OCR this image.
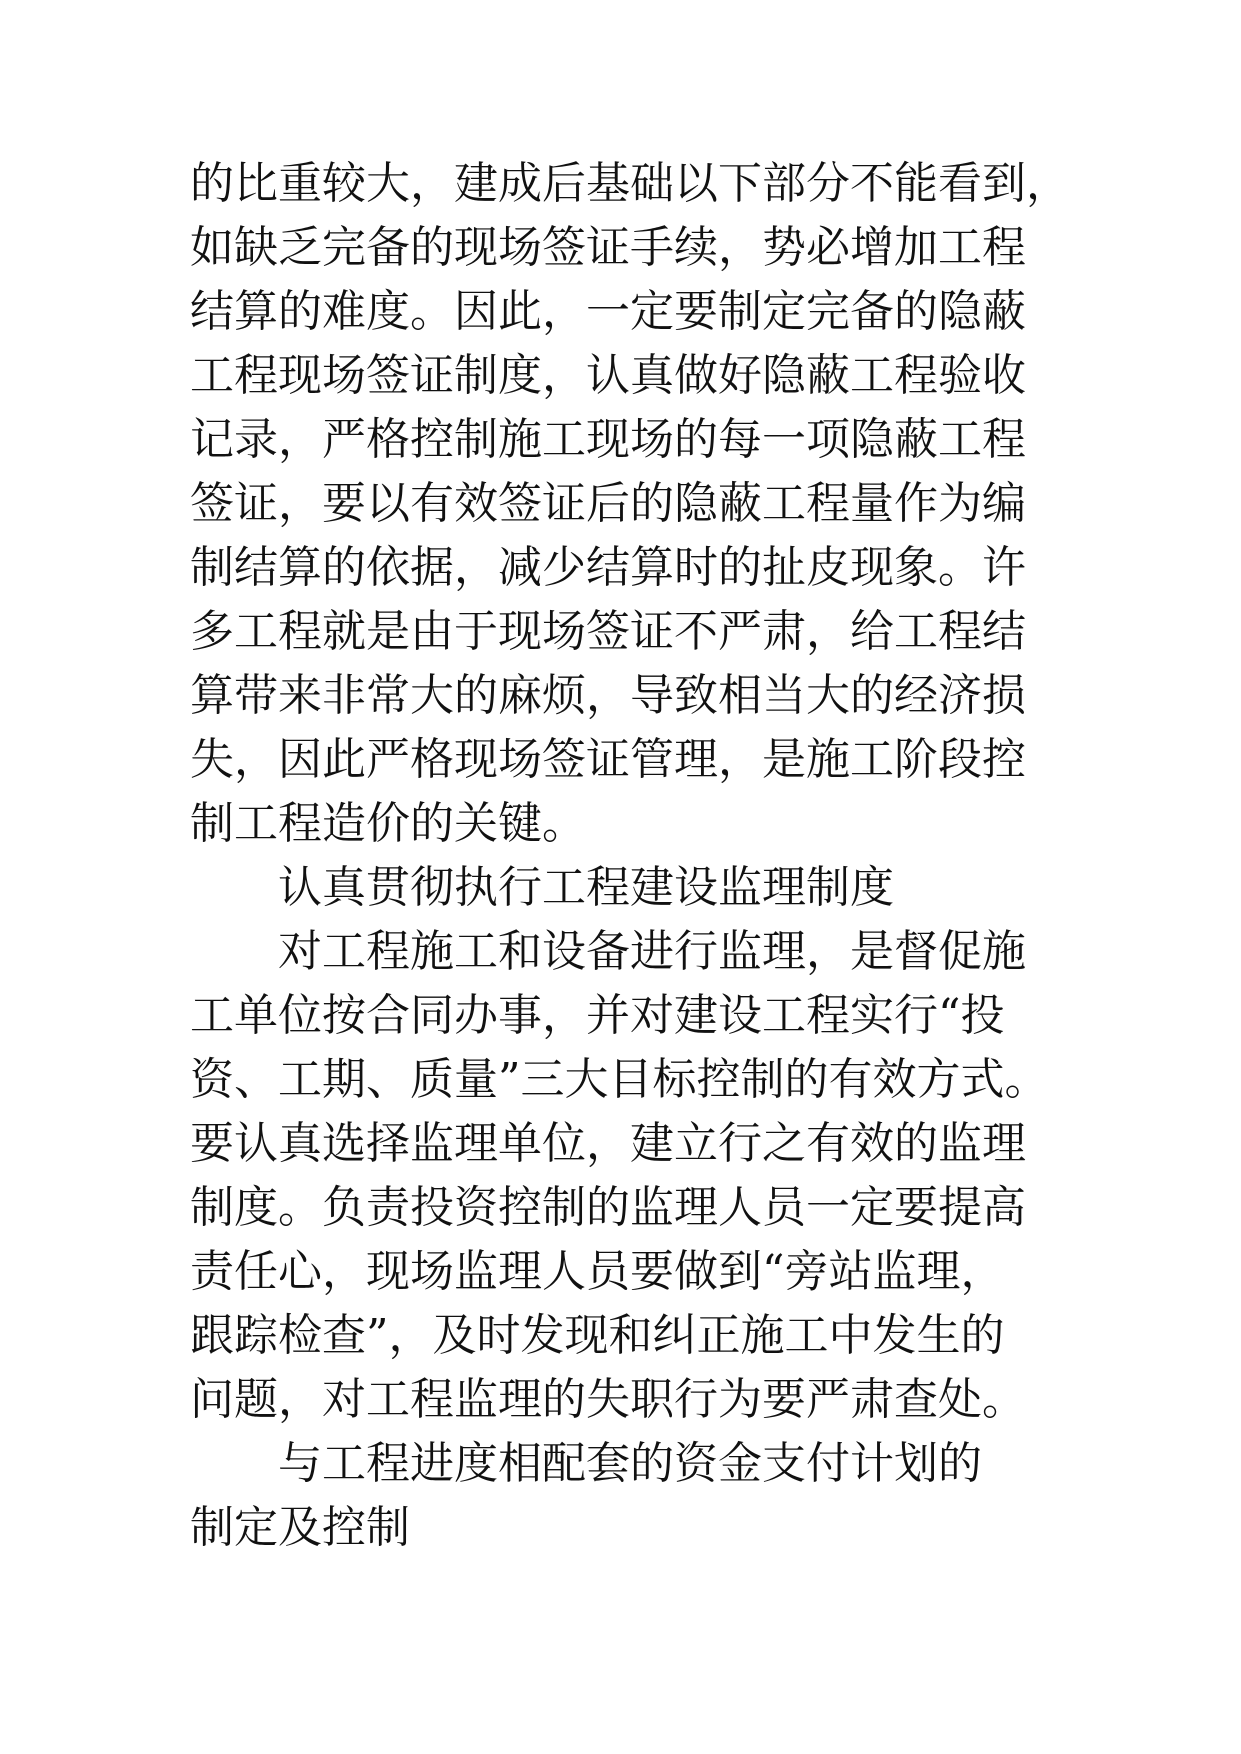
的比重较大，建成后基础以下部分不能看到，
如缺乏完备的现场签证手续，势必增加工程
结算的难度。因此，一定要制定完备的隐蔽
工程现场签证制度，认真做好隐蔽工程验收
记录，严格控制施工现场的每一项隐蔽工程
签证，要以有效签证后的隐蔽工程量作为编
制结算的依据，减少结算时的扯皮现象。许
多工程就是由于现场签证不严肃，给工程结
算带来非常大的麻烦，导致相当大的经济损
失，因此严格现场签证管理，是施工阶段控
制工程造价的关键。
认真贯彻执行工程建设监理制度
对工程施工和设备进行监理，是督促施
工单位按合同办事，并对建设工程实行“投
资、工期、质量”三大目标控制的有效方式。
要认真选择监理单位，建立行之有效的监理
制度。负责投资控制的监理人员一定要提高
责任心，现场监理人员要做到“旁站监理，
跟踪检查”，及时发现和纠正施工中发生的
问题，对工程监理的失职行为要严肃查处。
与工程进度相配套的资金支付计划的
制定及控制
